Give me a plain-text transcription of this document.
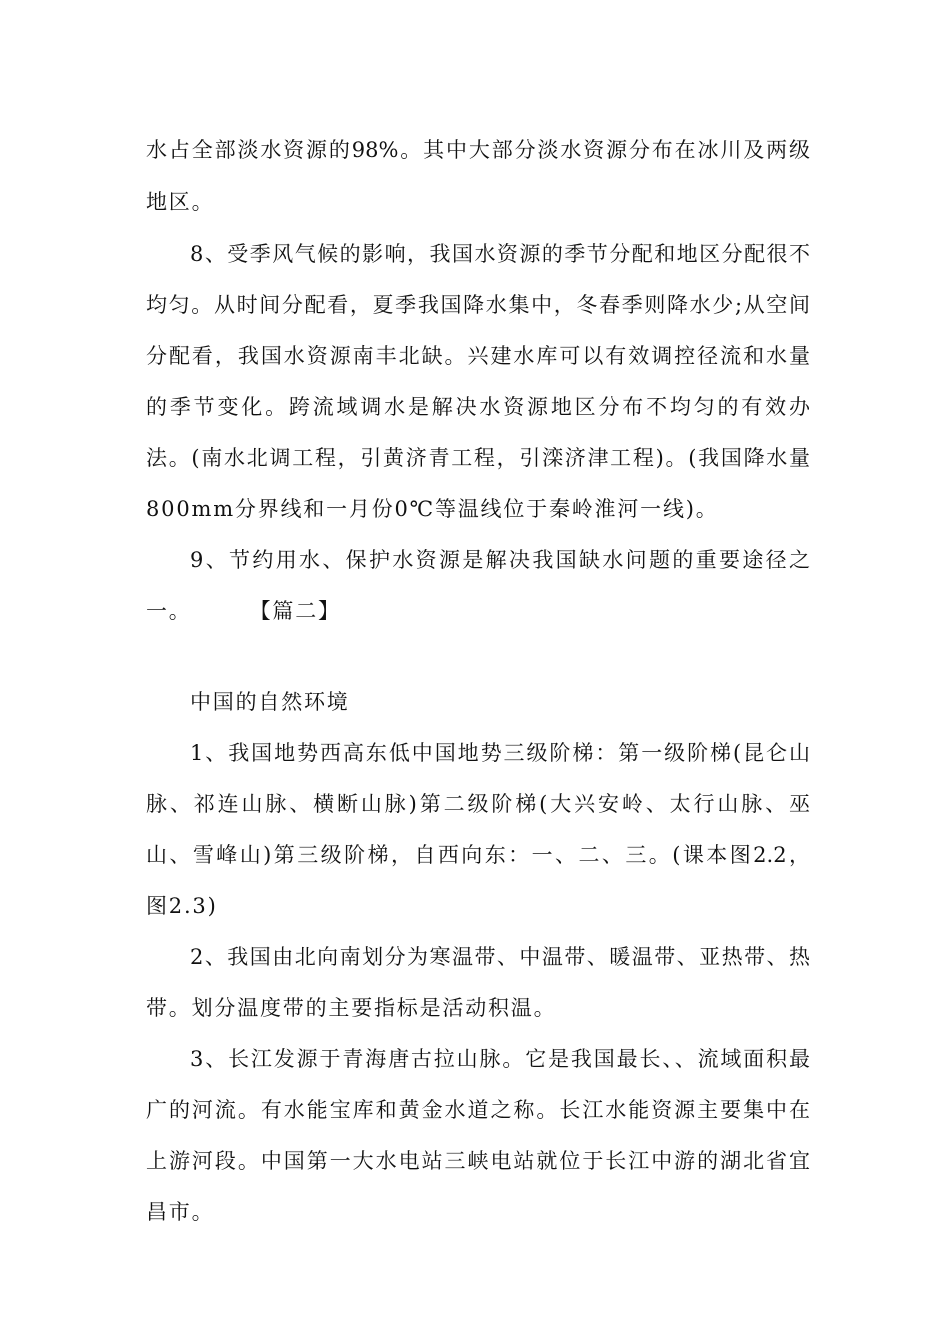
水占全部淡水资源的98%。其中大部分淡水资源分布在冰川及两级
地区。
8、受季风气候的影响，我国水资源的季节分配和地区分配很不
均匀。从时间分配看，夏季我国降水集中，冬春季则降水少;从空间
分配看，我国水资源南丰北缺。兴建水库可以有效调控径流和水量
的季节变化。跨流域调水是解决水资源地区分布不均匀的有效办
法。(南水北调工程，引黄济青工程，引滦济津工程)。(我国降水量
800mm分界线和一月份0℃等温线位于秦岭淮河一线)。
9、节约用水、保护水资源是解决我国缺水问题的重要途径之
一。	【篇二】
中国的自然环境
1、我国地势西高东低中国地势三级阶梯：第一级阶梯(昆仑山
脉、祁连山脉、横断山脉)第二级阶梯(大兴安岭、太行山脉、巫
山、雪峰山)第三级阶梯，自西向东：一、二、三。(课本图2.2，
图2.3)
2、我国由北向南划分为寒温带、中温带、暖温带、亚热带、热
带。划分温度带的主要指标是活动积温。
3、长江发源于青海唐古拉山脉。它是我国最长、、流域面积最
广的河流。有水能宝库和黄金水道之称。长江水能资源主要集中在
上游河段。中国第一大水电站三峡电站就位于长江中游的湖北省宜
昌市。
